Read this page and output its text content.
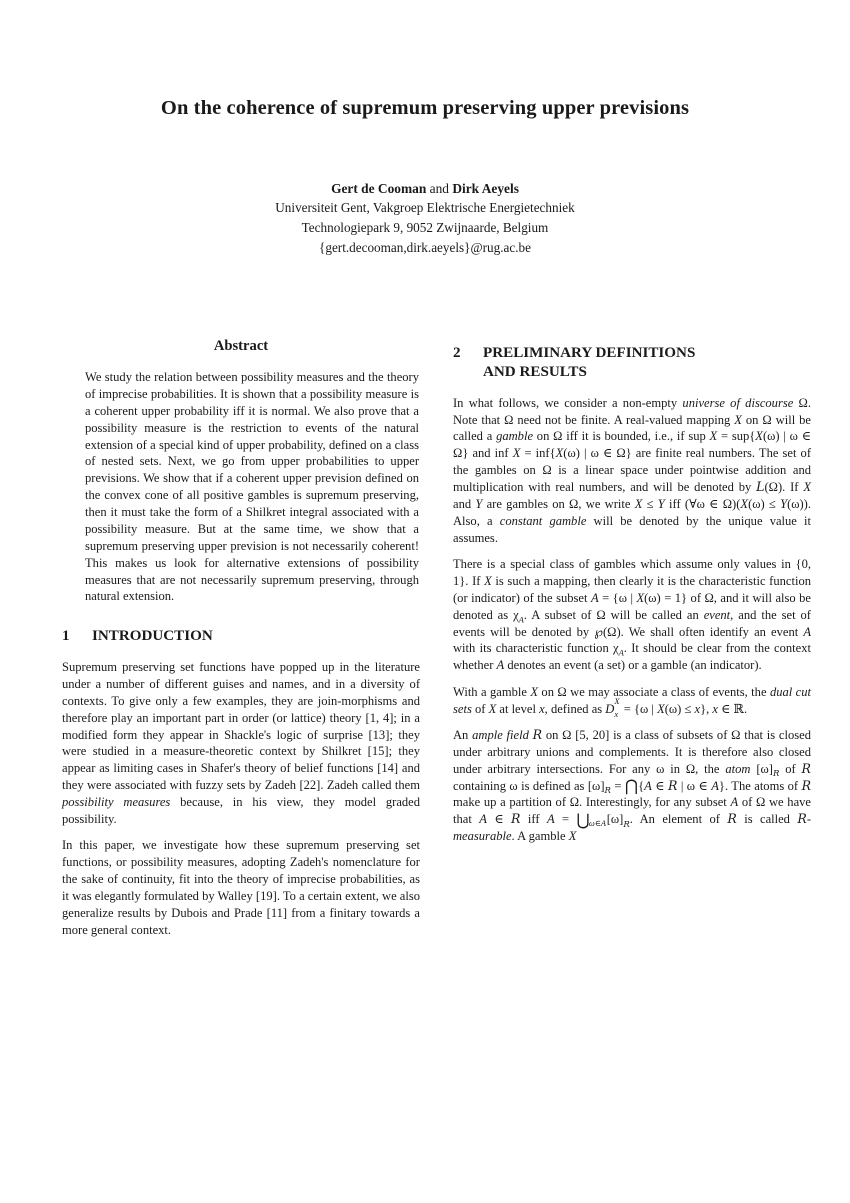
On the coherence of supremum preserving upper previsions
Gert de Cooman and Dirk Aeyels
Universiteit Gent, Vakgroep Elektrische Energietechniek
Technologiepark 9, 9052 Zwijnaarde, Belgium
{gert.decooman,dirk.aeyels}@rug.ac.be
Abstract

We study the relation between possibility measures and the theory of imprecise probabilities. It is shown that a possibility measure is a coherent upper probability iff it is normal. We also prove that a possibility measure is the restriction to events of the natural extension of a special kind of upper probability, defined on a class of nested sets. Next, we go from upper probabilities to upper previsions. We show that if a coherent upper prevision defined on the convex cone of all positive gambles is supremum preserving, then it must take the form of a Shilkret integral associated with a possibility measure. But at the same time, we show that a supremum preserving upper prevision is not necessarily coherent! This makes us look for alternative extensions of possibility measures that are not necessarily supremum preserving, through natural extension.

1	INTRODUCTION

Supremum preserving set functions have popped up in the literature under a number of different guises and names, and in a diversity of contexts. To give only a few examples, they are join-morphisms and therefore play an important part in order (or lattice) theory [1, 4]; in a modified form they appear in Shackle's logic of surprise [13]; they were studied in a measure-theoretic context by Shilkret [15]; they appear as limiting cases in Shafer's theory of belief functions [14] and they were associated with fuzzy sets by Zadeh [22]. Zadeh called them possibility measures because, in his view, they model graded possibility.

In this paper, we investigate how these supremum preserving set functions, or possibility measures, adopting Zadeh's nomenclature for the sake of continuity, fit into the theory of imprecise probabilities, as it was elegantly formulated by Walley [19]. To a certain extent, we also generalize results by Dubois and Prade [11] from a finitary towards a more general context.

2	PRELIMINARY DEFINITIONS
AND RESULTS

In what follows, we consider a non-empty universe of discourse Ω. Note that Ω need not be finite. A real-valued mapping X on Ω will be called a gamble on Ω iff it is bounded, i.e., if sup X = sup{X(ω) | ω ∈ Ω} and inf X = inf{X(ω) | ω ∈ Ω} are finite real numbers. The set of the gambles on Ω is a linear space under pointwise addition and multiplication with real numbers, and will be denoted by L(Ω). If X and Y are gambles on Ω, we write X ≤ Y iff (∀ω ∈ Ω)(X(ω) ≤ Y(ω)). Also, a constant gamble will be denoted by the unique value it assumes.

There is a special class of gambles which assume only values in {0, 1}. If X is such a mapping, then clearly it is the characteristic function (or indicator) of the subset A = {ω | X(ω) = 1} of Ω, and it will also be denoted as $\chi_A$. A subset of Ω will be called an event, and the set of events will be denoted by ℘(Ω). We shall often identify an event A with its characteristic function $\chi_A$. It should be clear from the context whether A denotes an event (a set) or a gamble (an indicator).

With a gamble X on Ω we may associate a class of events, the dual cut sets of X at level x, defined as D x
X
= {ω | X(ω) ≤ x}, x ∈ ℝ.

An ample field R on Ω [5, 20] is a class of subsets of Ω that is closed under arbitrary unions and complements. It is therefore also closed under arbitrary intersections. For any ω in Ω, the atom $[\omega]_R$ of R containing ω is defined as $[\omega]_R$ = ⋂{A ∈ R | ω ∈ A}. The atoms of R make up a partition of Ω. Interestingly, for any subset A of Ω we have that A ∈ R iff $A = ⋃_{\omega\in A}[\omega]_R$. An element of R is called R-measurable. A gamble X
